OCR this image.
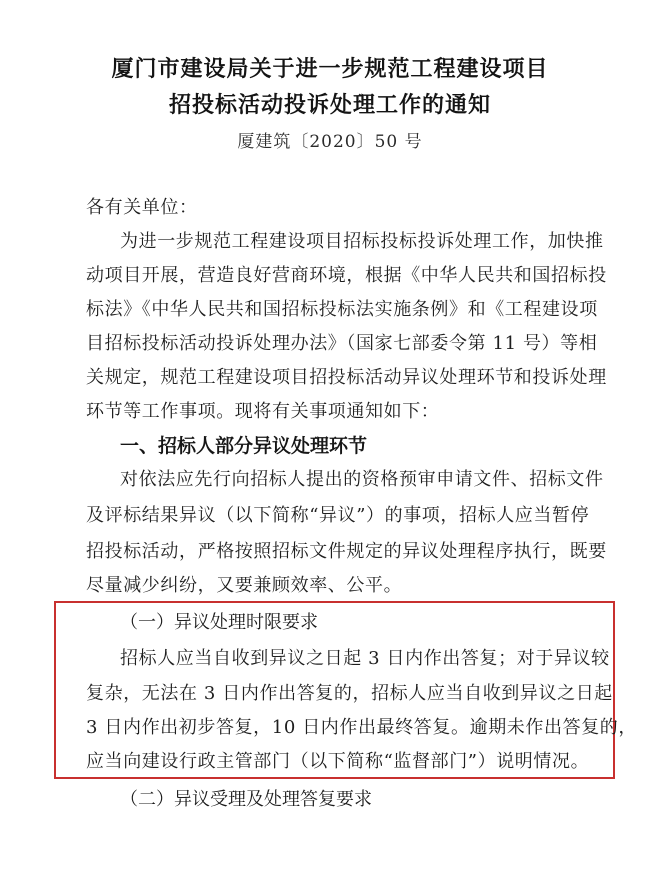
厦门市建设局关于进一步规范工程建设项目
招投标活动投诉处理工作的通知
厦建筑〔2020〕50 号
各有关单位：
为进一步规范工程建设项目招标投标投诉处理工作，加快推
动项目开展，营造良好营商环境，根据《中华人民共和国招标投
标法》《中华人民共和国招标投标法实施条例》和《工程建设项
目招标投标活动投诉处理办法》（国家七部委令第 11 号）等相
关规定，规范工程建设项目招投标活动异议处理环节和投诉处理
环节等工作事项。现将有关事项通知如下：
一、招标人部分异议处理环节
对依法应先行向招标人提出的资格预审申请文件、招标文件
及评标结果异议（以下简称“异议”）的事项，招标人应当暂停
招投标活动，严格按照招标文件规定的异议处理程序执行，既要
尽量减少纠纷，又要兼顾效率、公平。
（一）异议处理时限要求
招标人应当自收到异议之日起 3 日内作出答复；对于异议较
复杂，无法在 3 日内作出答复的，招标人应当自收到异议之日起
3 日内作出初步答复，10 日内作出最终答复。逾期未作出答复的，
应当向建设行政主管部门（以下简称“监督部门”）说明情况。
（二）异议受理及处理答复要求
